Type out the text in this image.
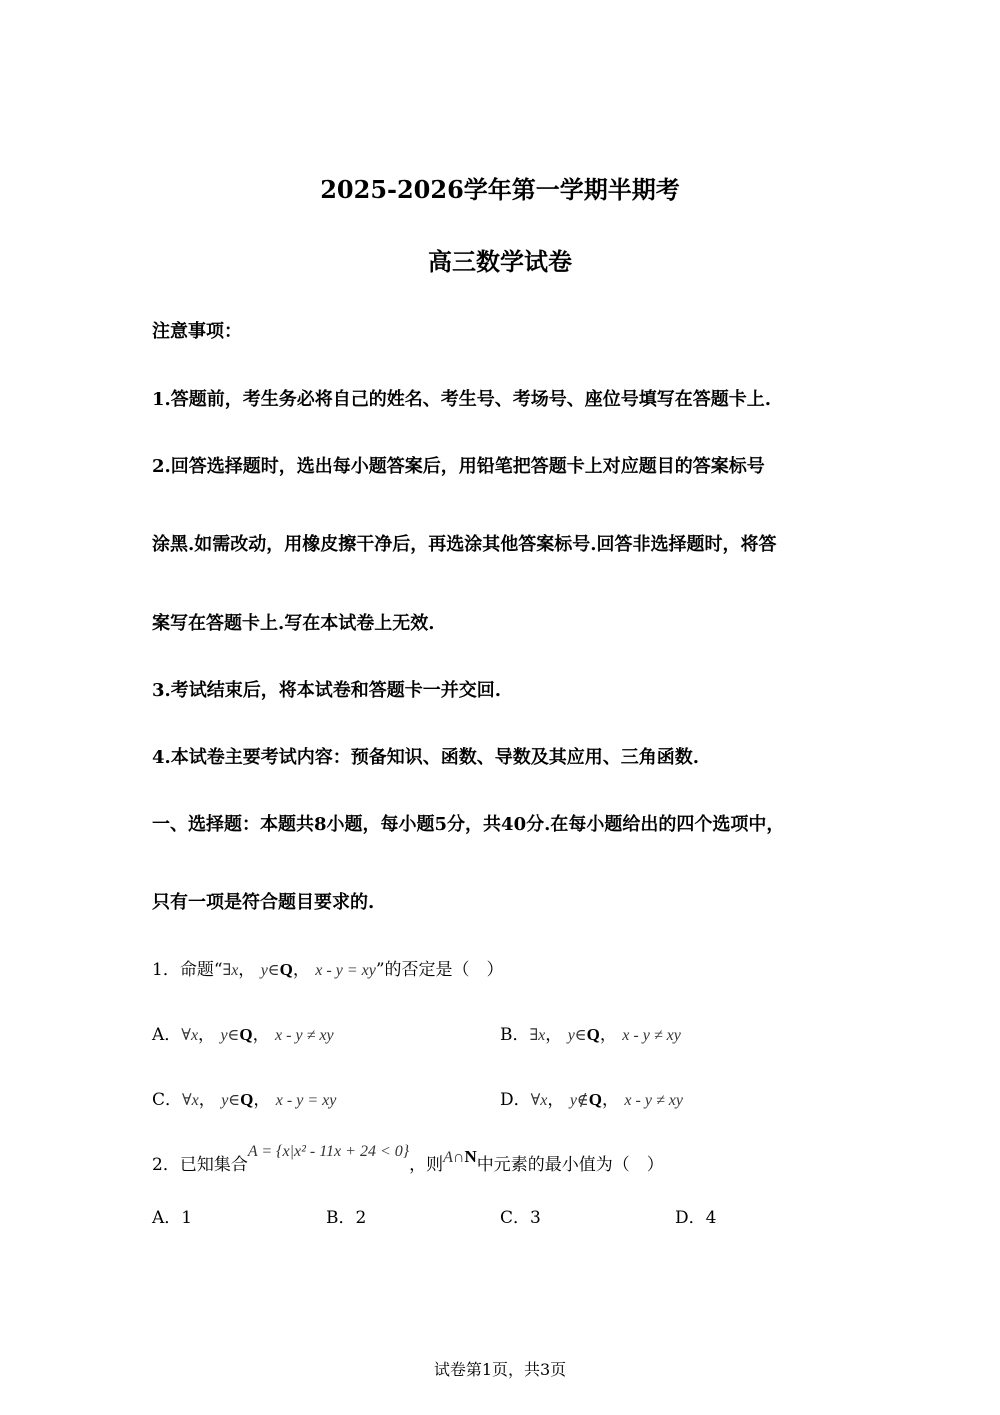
2025-2026学年第一学期半期考
高三数学试卷
注意事项：
1.答题前，考生务必将自己的姓名、考生号、考场号、座位号填写在答题卡上.
2.回答选择题时，选出每小题答案后，用铅笔把答题卡上对应题目的答案标号
涂黑.如需改动，用橡皮擦干净后，再选涂其他答案标号.回答非选择题时，将答
案写在答题卡上.写在本试卷上无效.
3.考试结束后，将本试卷和答题卡一并交回.
4.本试卷主要考试内容：预备知识、函数、导数及其应用、三角函数.
一、选择题：本题共8小题，每小题5分，共40分.在每小题给出的四个选项中，
只有一项是符合题目要求的.
1．命题“∃x， y∈Q， x - y = xy”的否定是（　）
A．∀x， y∈Q， x - y ≠ xy	B．∃x， y∈Q， x - y ≠ xy
C．∀x， y∈Q， x - y = xy	D．∀x， y∉Q， x - y ≠ xy
2．已知集合A = {x|x² - 11x + 24 < 0}，则A∩N中元素的最小值为（　）
A．1	B．2	C．3	D．4
试卷第1页，共3页
